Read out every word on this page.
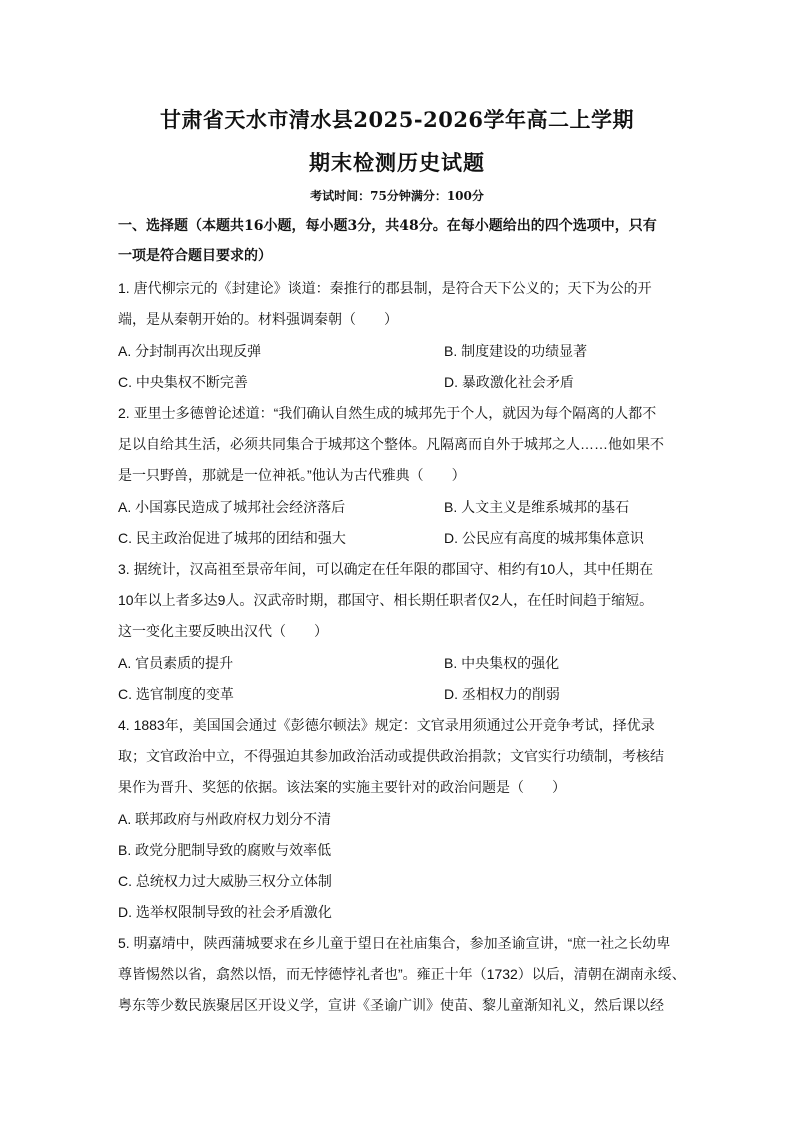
甘肃省天水市清水县2025-2026学年高二上学期
期末检测历史试题
考试时间：75分钟满分：100分
一、选择题（本题共16小题，每小题3分，共48分。在每小题给出的四个选项中，只有
一项是符合题目要求的）
1. 唐代柳宗元的《封建论》谈道：秦推行的郡县制，是符合天下公义的；天下为公的开
端，是从秦朝开始的。材料强调秦朝（　　）
A. 分封制再次出现反弹	B. 制度建设的功绩显著
C. 中央集权不断完善	D. 暴政激化社会矛盾
2. 亚里士多德曾论述道：“我们确认自然生成的城邦先于个人，就因为每个隔离的人都不
足以自给其生活，必须共同集合于城邦这个整体。凡隔离而自外于城邦之人……他如果不
是一只野兽，那就是一位神祇。”他认为古代雅典（　　）
A. 小国寡民造成了城邦社会经济落后	B. 人文主义是维系城邦的基石
C. 民主政治促进了城邦的团结和强大	D. 公民应有高度的城邦集体意识
3. 据统计，汉高祖至景帝年间，可以确定在任年限的郡国守、相约有10人，其中任期在
10年以上者多达9人。汉武帝时期，郡国守、相长期任职者仅2人，在任时间趋于缩短。
这一变化主要反映出汉代（　　）
A. 官员素质的提升	B. 中央集权的强化
C. 选官制度的变革	D. 丞相权力的削弱
4. 1883年，美国国会通过《彭德尔顿法》规定：文官录用须通过公开竞争考试，择优录
取；文官政治中立，不得强迫其参加政治活动或提供政治捐款；文官实行功绩制，考核结
果作为晋升、奖惩的依据。该法案的实施主要针对的政治问题是（　　）
A. 联邦政府与州政府权力划分不清
B. 政党分肥制导致的腐败与效率低
C. 总统权力过大威胁三权分立体制
D. 选举权限制导致的社会矛盾激化
5. 明嘉靖中，陕西蒲城要求在乡儿童于望日在社庙集合，参加圣谕宣讲，“庶一社之长幼卑
尊皆惕然以省，翕然以悟，而无悖德悖礼者也”。雍正十年（1732）以后，清朝在湖南永绥、
粤东等少数民族聚居区开设义学，宣讲《圣谕广训》使苗、黎儿童渐知礼义，然后课以经
